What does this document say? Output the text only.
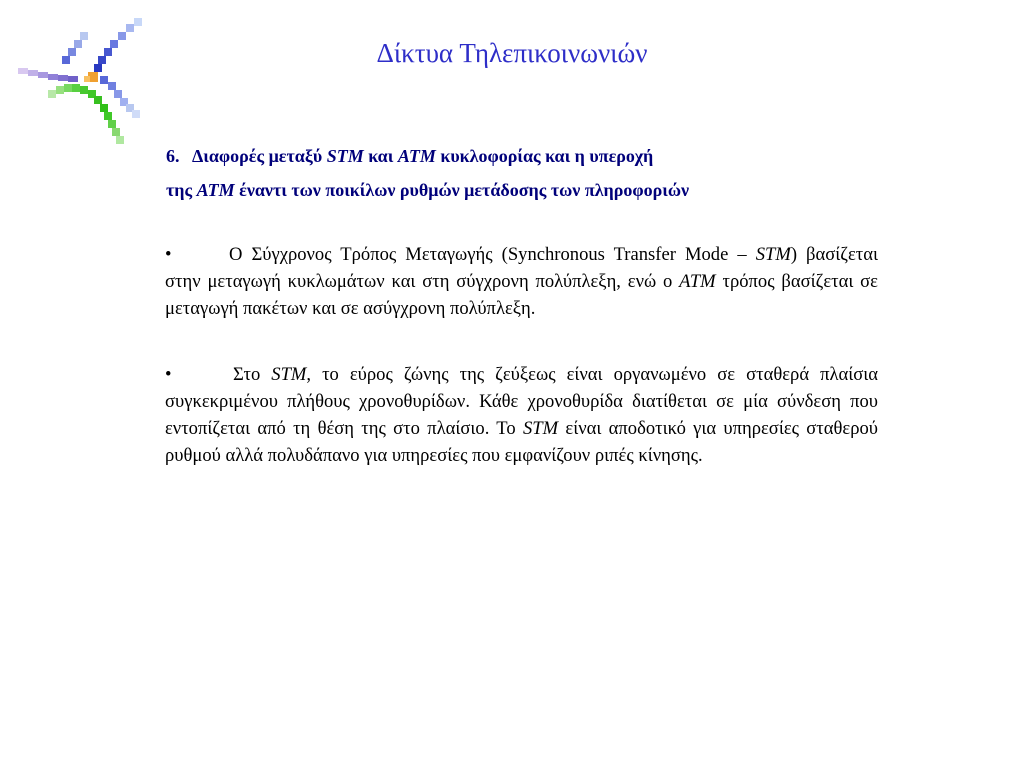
Δίκτυα Τηλεπικοινωνιών
6. Διαφορές μεταξύ STM και ATM κυκλοφορίας και η υπεροχή
της ATM έναντι των ποικίλων ρυθμών μετάδοσης των πληροφοριών
•	Ο Σύγχρονος Τρόπος Μεταγωγής (Synchronous Transfer Mode – STM) βασίζεται στην μεταγωγή κυκλωμάτων και στη σύγχρονη πολύπλεξη, ενώ ο ATM τρόπος βασίζεται σε μεταγωγή πακέτων και σε ασύγχρονη πολύπλεξη.
•	Στο STM, το εύρος ζώνης της ζεύξεως είναι οργανωμένο σε σταθερά πλαίσια συγκεκριμένου πλήθους χρονοθυρίδων. Κάθε χρονοθυρίδα διατίθεται σε μία σύνδεση που εντοπίζεται από τη θέση της στο πλαίσιο. Το STM είναι αποδοτικό για υπηρεσίες σταθερού ρυθμού αλλά πολυδάπανο για υπηρεσίες που εμφανίζουν ριπές κίνησης.
